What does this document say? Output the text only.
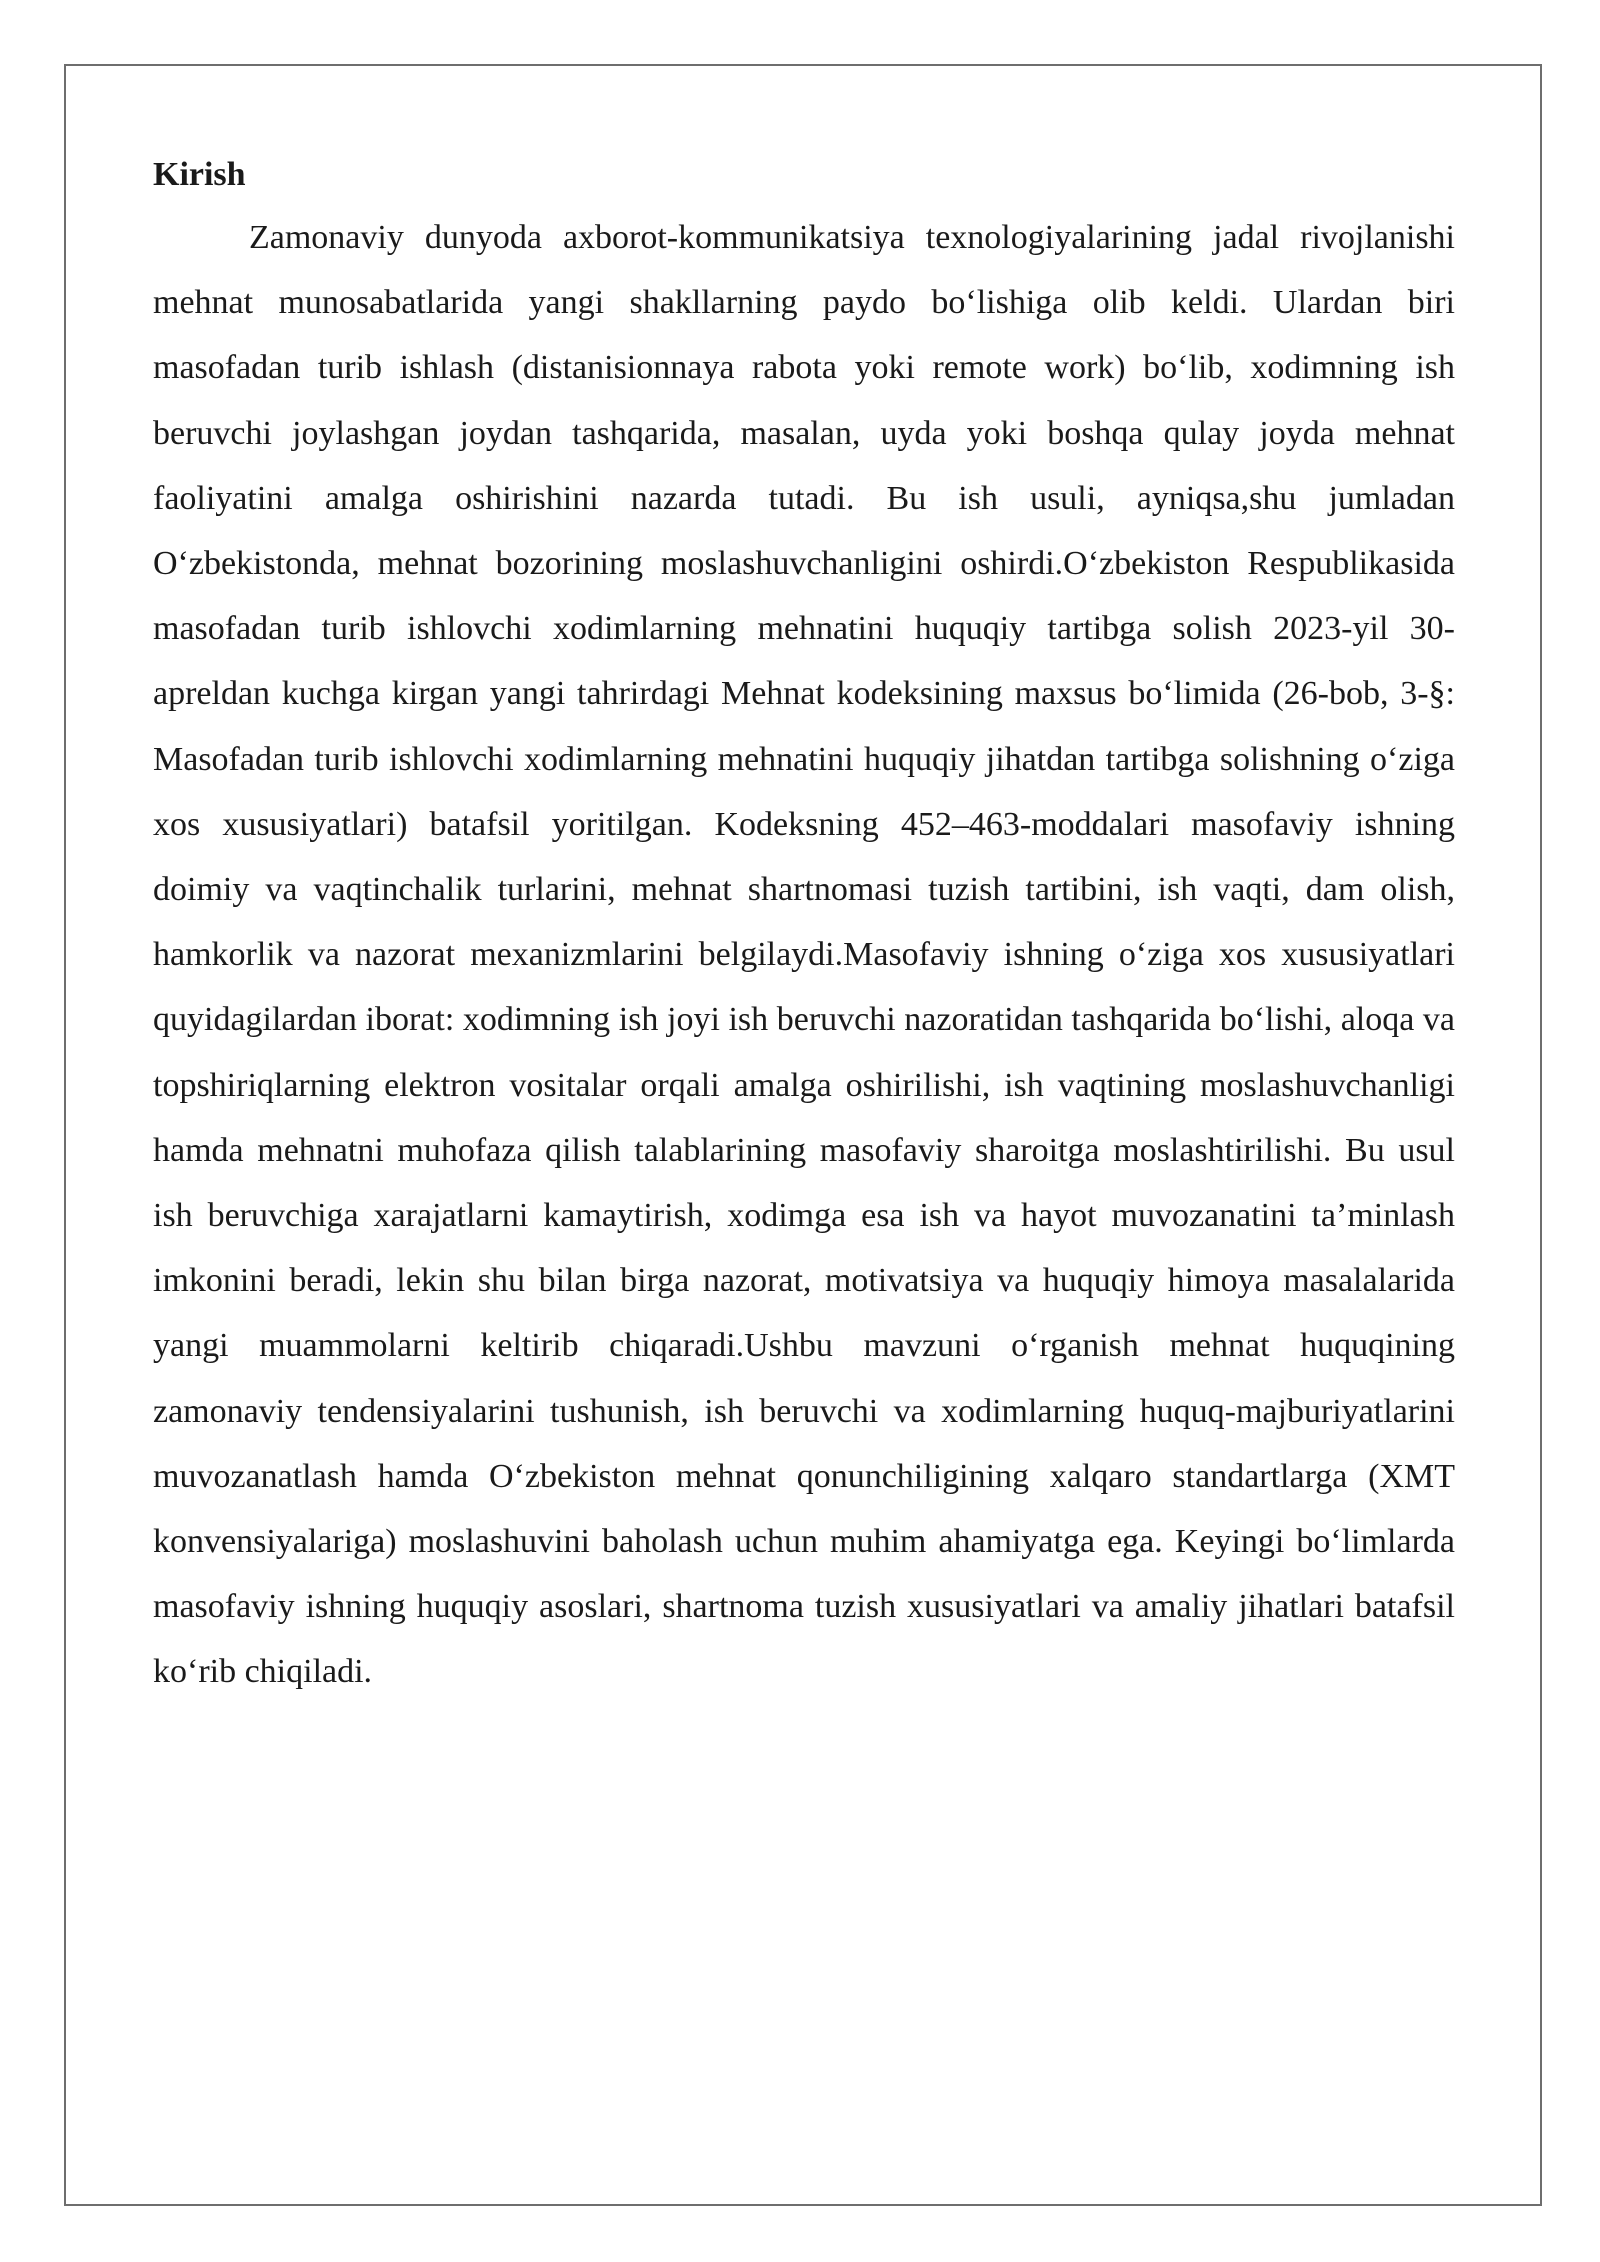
Kirish

Zamonaviy dunyoda axborot-kommunikatsiya texnologiyalarining jadal rivojlanishi mehnat munosabatlarida yangi shakllarning paydo bo‘lishiga olib keldi. Ulardan biri masofadan turib ishlash (distanisionnaya rabota yoki remote work) bo‘lib, xodimning ish beruvchi joylashgan joydan tashqarida, masalan, uyda yoki boshqa qulay joyda mehnat faoliyatini amalga oshirishini nazarda tutadi. Bu ish usuli, ayniqsa,shu jumladan O‘zbekistonda, mehnat bozorining moslashuvchanligini oshirdi.O‘zbekiston Respublikasida masofadan turib ishlovchi xodimlarning mehnatini huquqiy tartibga solish 2023-yil 30-apreldan kuchga kirgan yangi tahrirdagi Mehnat kodeksining maxsus bo‘limida (26-bob, 3-§: Masofadan turib ishlovchi xodimlarning mehnatini huquqiy jihatdan tartibga solishning o‘ziga xos xususiyatlari) batafsil yoritilgan. Kodeksning 452–463-moddalari masofaviy ishning doimiy va vaqtinchalik turlarini, mehnat shartnomasi tuzish tartibini, ish vaqti, dam olish, hamkorlik va nazorat mexanizmlarini belgilaydi.Masofaviy ishning o‘ziga xos xususiyatlari quyidagilardan iborat: xodimning ish joyi ish beruvchi nazoratidan tashqarida bo‘lishi, aloqa va topshiriqlarning elektron vositalar orqali amalga oshirilishi, ish vaqtining moslashuvchanligi hamda mehnatni muhofaza qilish talablarining masofaviy sharoitga moslashtirilishi. Bu usul ish beruvchiga xarajatlarni kamaytirish, xodimga esa ish va hayot muvozanatini ta’minlash imkonini beradi, lekin shu bilan birga nazorat, motivatsiya va huquqiy himoya masalalarida yangi muammolarni keltirib chiqaradi.Ushbu mavzuni o‘rganish mehnat huquqining zamonaviy tendensiyalarini tushunish, ish beruvchi va xodimlarning huquq-majburiyatlarini muvozanatlash hamda O‘zbekiston mehnat qonunchiligining xalqaro standartlarga (XMT konvensiyalariga) moslashuvini baholash uchun muhim ahamiyatga ega. Keyingi bo‘limlarda masofaviy ishning huquqiy asoslari, shartnoma tuzish xususiyatlari va amaliy jihatlari batafsil ko‘rib chiqiladi.
